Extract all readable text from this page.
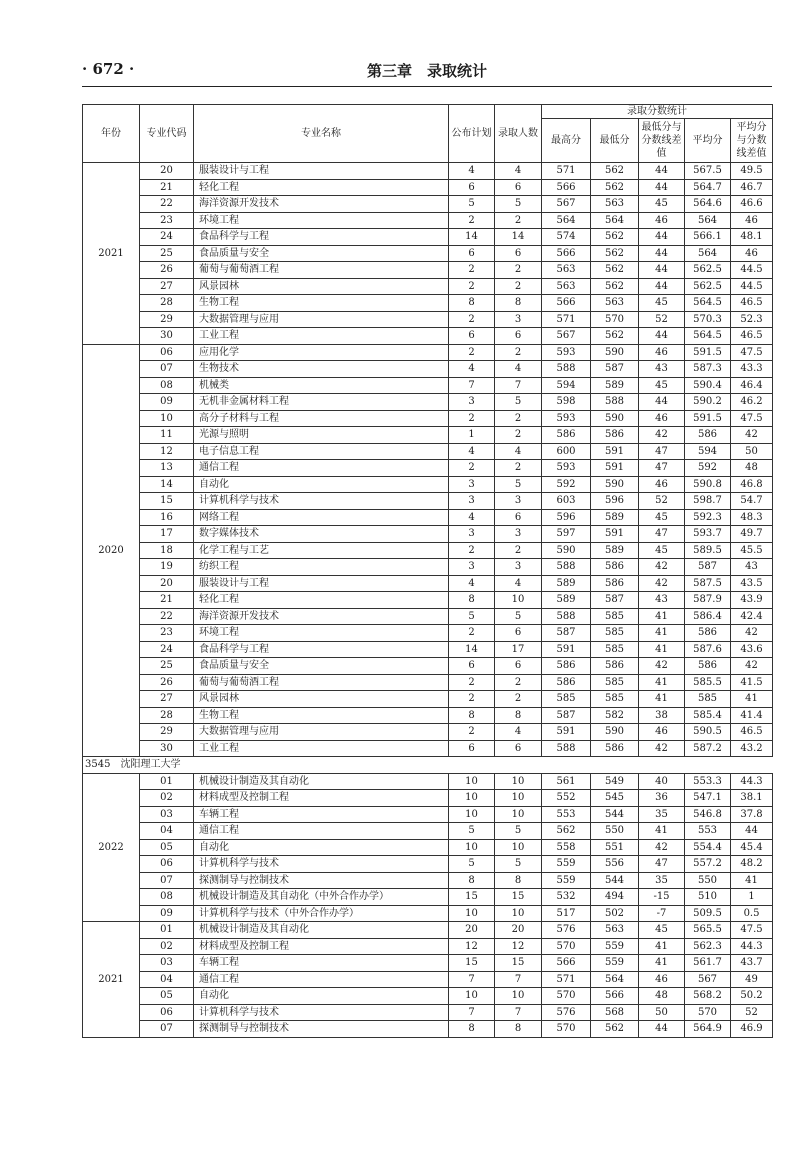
· 672 ·	第三章　录取统计
年份	专业代码	专业名称	公布计划	录取人数	录取分数统计				
					最高分	最低分	最低分与分数线差值	平均分	平均分与分数线差值
2021	20	服装设计与工程	4	4	571	562	44	567.5	49.5
	21	轻化工程	6	6	566	562	44	564.7	46.7
	22	海洋资源开发技术	5	5	567	563	45	564.6	46.6
	23	环境工程	2	2	564	564	46	564	46
	24	食品科学与工程	14	14	574	562	44	566.1	48.1
	25	食品质量与安全	6	6	566	562	44	564	46
	26	葡萄与葡萄酒工程	2	2	563	562	44	562.5	44.5
	27	风景园林	2	2	563	562	44	562.5	44.5
	28	生物工程	8	8	566	563	45	564.5	46.5
	29	大数据管理与应用	2	3	571	570	52	570.3	52.3
	30	工业工程	6	6	567	562	44	564.5	46.5
2020	06	应用化学	2	2	593	590	46	591.5	47.5
	07	生物技术	4	4	588	587	43	587.3	43.3
	08	机械类	7	7	594	589	45	590.4	46.4
	09	无机非金属材料工程	3	5	598	588	44	590.2	46.2
	10	高分子材料与工程	2	2	593	590	46	591.5	47.5
	11	光源与照明	1	2	586	586	42	586	42
	12	电子信息工程	4	4	600	591	47	594	50
	13	通信工程	2	2	593	591	47	592	48
	14	自动化	3	5	592	590	46	590.8	46.8
	15	计算机科学与技术	3	3	603	596	52	598.7	54.7
	16	网络工程	4	6	596	589	45	592.3	48.3
	17	数字媒体技术	3	3	597	591	47	593.7	49.7
	18	化学工程与工艺	2	2	590	589	45	589.5	45.5
	19	纺织工程	3	3	588	586	42	587	43
	20	服装设计与工程	4	4	589	586	42	587.5	43.5
	21	轻化工程	8	10	589	587	43	587.9	43.9
	22	海洋资源开发技术	5	5	588	585	41	586.4	42.4
	23	环境工程	2	6	587	585	41	586	42
	24	食品科学与工程	14	17	591	585	41	587.6	43.6
	25	食品质量与安全	6	6	586	586	42	586	42
	26	葡萄与葡萄酒工程	2	2	586	585	41	585.5	41.5
	27	风景园林	2	2	585	585	41	585	41
	28	生物工程	8	8	587	582	38	585.4	41.4
	29	大数据管理与应用	2	4	591	590	46	590.5	46.5
	30	工业工程	6	6	588	586	42	587.2	43.2
3545　沈阳理工大学									
2022	01	机械设计制造及其自动化	10	10	561	549	40	553.3	44.3
	02	材料成型及控制工程	10	10	552	545	36	547.1	38.1
	03	车辆工程	10	10	553	544	35	546.8	37.8
	04	通信工程	5	5	562	550	41	553	44
	05	自动化	10	10	558	551	42	554.4	45.4
	06	计算机科学与技术	5	5	559	556	47	557.2	48.2
	07	探测制导与控制技术	8	8	559	544	35	550	41
	08	机械设计制造及其自动化（中外合作办学）	15	15	532	494	-15	510	1
	09	计算机科学与技术（中外合作办学）	10	10	517	502	-7	509.5	0.5
2021	01	机械设计制造及其自动化	20	20	576	563	45	565.5	47.5
	02	材料成型及控制工程	12	12	570	559	41	562.3	44.3
	03	车辆工程	15	15	566	559	41	561.7	43.7
	04	通信工程	7	7	571	564	46	567	49
	05	自动化	10	10	570	566	48	568.2	50.2
	06	计算机科学与技术	7	7	576	568	50	570	52
	07	探测制导与控制技术	8	8	570	562	44	564.9	46.9
